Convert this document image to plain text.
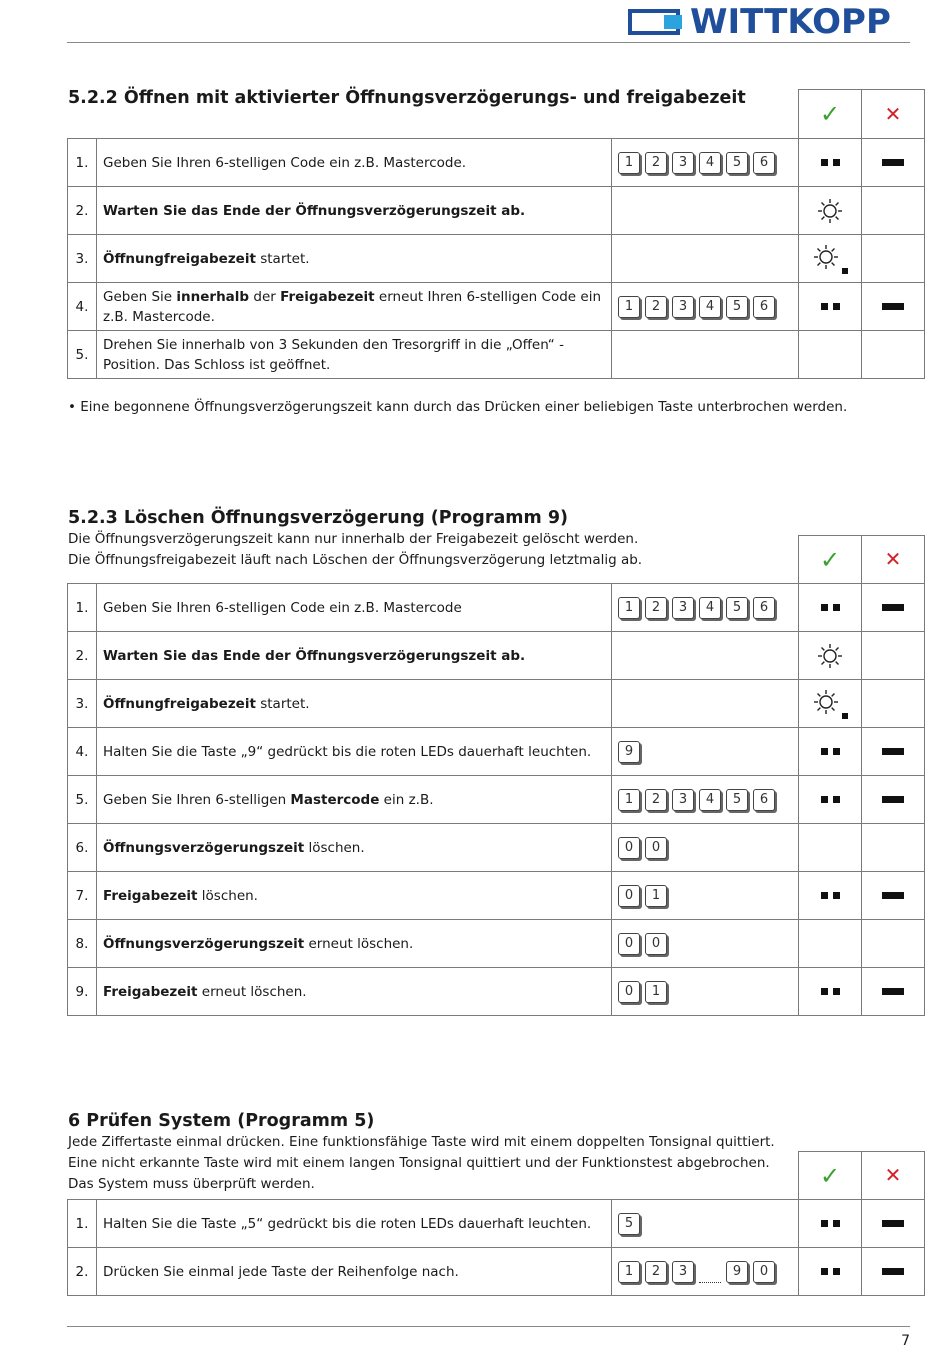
WITTKOPP
5.2.2 Öffnen mit aktivierter Öffnungsverzögerungs- und freigabezeit
			✓	✕
1.	Geben Sie Ihren 6-stelligen Code ein z.B. Mastercode.	1 2 3 4 5 6	

2.	Warten Sie das Ende der Öffnungsverzögerungszeit ab.			
3.	Öffnungfreigabezeit startet.		

4.	Geben Sie innerhalb der Freigabezeit erneut Ihren 6-stelligen Code ein z.B. Mastercode.	1 2 3 4 5 6	

5.	Drehen Sie innerhalb von 3 Sekunden den Tresorgriff in die „Offen“ - Position. Das Schloss ist geöffnet.			
• Eine begonnene Öffnungsverzögerungszeit kann durch das Drücken einer beliebigen Taste unterbrochen werden.
5.2.3 Löschen Öffnungsverzögerung (Programm 9)
Die Öffnungsverzögerungszeit kann nur innerhalb der Freigabezeit gelöscht werden.
Die Öffnungsfreigabezeit läuft nach Löschen der Öffnungsverzögerung letztmalig ab.
				✓	✕
1.	Geben Sie Ihren 6-stelligen Code ein z.B. Mastercode	1 2 3 4 5 6	

2.	Warten Sie das Ende der Öffnungsverzögerungszeit ab.			
3.	Öffnungfreigabezeit startet.		

4.	Halten Sie die Taste „9“ gedrückt bis die roten LEDs dauerhaft leuchten.	9	

5.	Geben Sie Ihren 6-stelligen Mastercode ein z.B.	1 2 3 4 5 6	

6.	Öffnungsverzögerungszeit löschen.	0 0		
7.	Freigabezeit löschen.	0 1	

8.	Öffnungsverzögerungszeit erneut löschen.	0 0		
9.	Freigabezeit erneut löschen.	0 1	

6 Prüfen System (Programm 5)
Jede Ziffertaste einmal drücken. Eine funktionsfähige Taste wird mit einem doppelten Tonsignal quittiert.
Eine nicht erkannte Taste wird mit einem langen Tonsignal quittiert und der Funktionstest abgebrochen.
Das System muss überprüft werden.
				✓	✕
1.	Halten Sie die Taste „5“ gedrückt bis die roten LEDs dauerhaft leuchten.	5	

2.	Drücken Sie einmal jede Taste der Reihenfolge nach.	1 2 3 9 0	

7
